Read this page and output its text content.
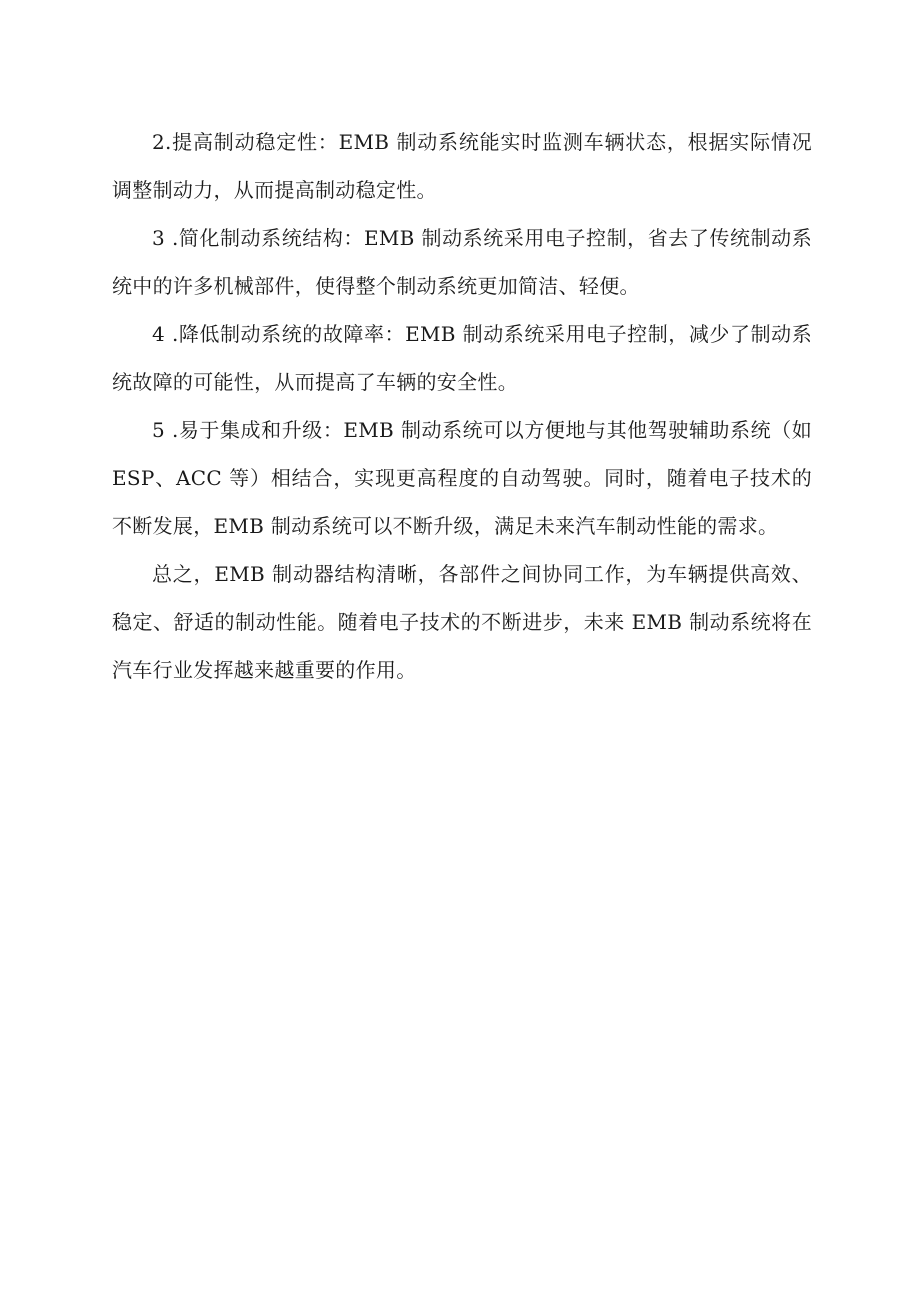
2.提高制动稳定性：EMB 制动系统能实时监测车辆状态，根据实际情况调整制动力，从而提高制动稳定性。

3 .简化制动系统结构：EMB 制动系统采用电子控制，省去了传统制动系统中的许多机械部件，使得整个制动系统更加简洁、轻便。

4 .降低制动系统的故障率：EMB 制动系统采用电子控制，减少了制动系统故障的可能性，从而提高了车辆的安全性。

5 .易于集成和升级：EMB 制动系统可以方便地与其他驾驶辅助系统（如 ESP、ACC 等）相结合，实现更高程度的自动驾驶。同时，随着电子技术的不断发展，EMB 制动系统可以不断升级，满足未来汽车制动性能的需求。

总之，EMB 制动器结构清晰，各部件之间协同工作，为车辆提供高效、稳定、舒适的制动性能。随着电子技术的不断进步，未来 EMB 制动系统将在汽车行业发挥越来越重要的作用。
